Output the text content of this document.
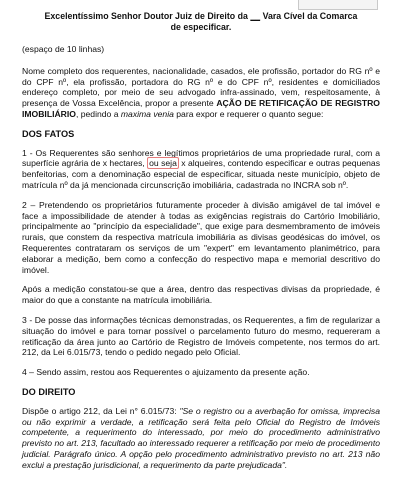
Excelentíssimo Senhor Doutor Juiz de Direito da __ Vara Cível da Comarca
de especificar.
(espaço de 10 linhas)

Nome completo dos requerentes, nacionalidade, casados, ele profissão, portador do RG nº e do CPF nº, ela profissão, portadora do RG nº e do CPF nº, residentes e domiciliados endereço completo, por meio de seu advogado infra-assinado, vem, respeitosamente, à presença de Vossa Excelência, propor a presente AÇÃO DE RETIFICAÇÃO DE REGISTRO IMOBILIÁRIO, pedindo a maxima venia para expor e requerer o quanto segue:

DOS FATOS

1 - Os Requerentes são senhores e legítimos proprietários de uma propriedade rural, com a superfície agrária de x hectares, ou seja x alqueires, contendo especificar e outras pequenas benfeitorias, com a denominação especial de especificar, situada neste município, objeto de matrícula nº da já mencionada circunscrição imobiliária, cadastrada no INCRA sob nº.

2 – Pretendendo os proprietários futuramente proceder à divisão amigável de tal imóvel e face a impossibilidade de atender à todas as exigências registrais do Cartório Imobiliário, principalmente ao "princípio da especialidade", que exige para desmembramento de imóveis rurais, que constem da respectiva matrícula imobiliária as divisas geodésicas do imóvel, os Requerentes contrataram os serviços de um "expert" em levantamento planimétrico, para elaborar a medição, bem como a confecção do respectivo mapa e memorial descritivo do imóvel.

Após a medição constatou-se que a área, dentro das respectivas divisas da propriedade, é maior do que a constante na matrícula imobiliária.

3 - De posse das informações técnicas demonstradas, os Requerentes, a fim de regularizar a situação do imóvel e para tornar possível o parcelamento futuro do mesmo, requereram a retificação da área junto ao Cartório de Registro de Imóveis competente, nos termos do art. 212, da Lei 6.015/73, tendo o pedido negado pelo Oficial.

4 – Sendo assim, restou aos Requerentes o ajuizamento da presente ação.

DO DIREITO

Dispõe o artigo 212, da Lei n° 6.015/73: "Se o registro ou a averbação for omissa, imprecisa ou não exprimir a verdade, a retificação será feita pelo Oficial do Registro de Imóveis competente, a requerimento do interessado, por meio do procedimento administrativo previsto no art. 213, facultado ao interessado requerer a retificação por meio de procedimento judicial. Parágrafo único. A opção pelo procedimento administrativo previsto no art. 213 não exclui a prestação jurisdicional, a requerimento da parte prejudicada".
